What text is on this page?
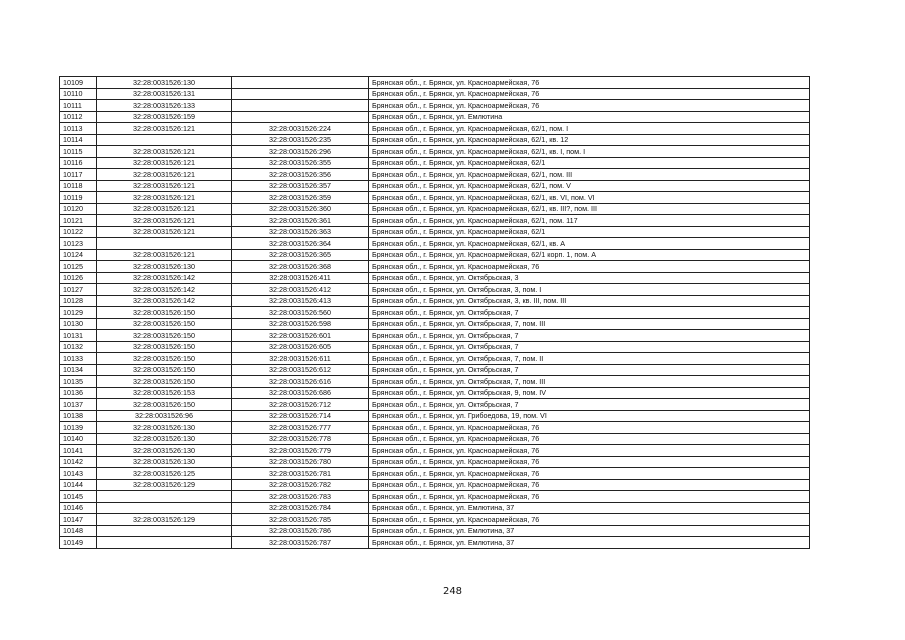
10109	32:28:0031526:130		Брянская обл., г. Брянск, ул. Красноармейская, 76
10110	32:28:0031526:131		Брянская обл., г. Брянск, ул. Красноармейская, 76
10111	32:28:0031526:133		Брянская обл., г. Брянск, ул. Красноармейская, 76
10112	32:28:0031526:159		Брянская обл., г. Брянск, ул. Емлютина
10113	32:28:0031526:121	32:28:0031526:224	Брянская обл., г. Брянск, ул. Красноармейская, 62/1, пом. I
10114		32:28:0031526:235	Брянская обл., г. Брянск, ул. Красноармейская, 62/1, кв. 12
10115	32:28:0031526:121	32:28:0031526:296	Брянская обл., г. Брянск, ул. Красноармейская, 62/1, кв. I, пом. I
10116	32:28:0031526:121	32:28:0031526:355	Брянская обл., г. Брянск, ул. Красноармейская, 62/1
10117	32:28:0031526:121	32:28:0031526:356	Брянская обл., г. Брянск, ул. Красноармейская, 62/1, пом. III
10118	32:28:0031526:121	32:28:0031526:357	Брянская обл., г. Брянск, ул. Красноармейская, 62/1, пом. V
10119	32:28:0031526:121	32:28:0031526:359	Брянская обл., г. Брянск, ул. Красноармейская, 62/1, кв. VI, пом. VI
10120	32:28:0031526:121	32:28:0031526:360	Брянская обл., г. Брянск, ул. Красноармейская, 62/1, кв. III?, пом. III
10121	32:28:0031526:121	32:28:0031526:361	Брянская обл., г. Брянск, ул. Красноармейская, 62/1, пом. 117
10122	32:28:0031526:121	32:28:0031526:363	Брянская обл., г. Брянск, ул. Красноармейская, 62/1
10123		32:28:0031526:364	Брянская обл., г. Брянск, ул. Красноармейская, 62/1, кв. А
10124	32:28:0031526:121	32:28:0031526:365	Брянская обл., г. Брянск, ул. Красноармейская, 62/1 корп. 1, пом. А
10125	32:28:0031526:130	32:28:0031526:368	Брянская обл., г. Брянск, ул. Красноармейская, 76
10126	32:28:0031526:142	32:28:0031526:411	Брянская обл., г. Брянск, ул. Октябрьская, 3
10127	32:28:0031526:142	32:28:0031526:412	Брянская обл., г. Брянск, ул. Октябрьская, 3, пом. I
10128	32:28:0031526:142	32:28:0031526:413	Брянская обл., г. Брянск, ул. Октябрьская, 3, кв. III, пом. III
10129	32:28:0031526:150	32:28:0031526:560	Брянская обл., г. Брянск, ул. Октябрьская, 7
10130	32:28:0031526:150	32:28:0031526:598	Брянская обл., г. Брянск, ул. Октябрьская, 7, пом. III
10131	32:28:0031526:150	32:28:0031526:601	Брянская обл., г. Брянск, ул. Октябрьская, 7
10132	32:28:0031526:150	32:28:0031526:605	Брянская обл., г. Брянск, ул. Октябрьская, 7
10133	32:28:0031526:150	32:28:0031526:611	Брянская обл., г. Брянск, ул. Октябрьская, 7, пом. II
10134	32:28:0031526:150	32:28:0031526:612	Брянская обл., г. Брянск, ул. Октябрьская, 7
10135	32:28:0031526:150	32:28:0031526:616	Брянская обл., г. Брянск, ул. Октябрьская, 7, пом. III
10136	32:28:0031526:153	32:28:0031526:686	Брянская обл., г. Брянск, ул. Октябрьская, 9, пом. IV
10137	32:28:0031526:150	32:28:0031526:712	Брянская обл., г. Брянск, ул. Октябрьская, 7
10138	32:28:0031526:96	32:28:0031526:714	Брянская обл., г. Брянск, ул. Грибоедова, 19, пом. VI
10139	32:28:0031526:130	32:28:0031526:777	Брянская обл., г. Брянск, ул. Красноармейская, 76
10140	32:28:0031526:130	32:28:0031526:778	Брянская обл., г. Брянск, ул. Красноармейская, 76
10141	32:28:0031526:130	32:28:0031526:779	Брянская обл., г. Брянск, ул. Красноармейская, 76
10142	32:28:0031526:130	32:28:0031526:780	Брянская обл., г. Брянск, ул. Красноармейская, 76
10143	32:28:0031526:125	32:28:0031526:781	Брянская обл., г. Брянск, ул. Красноармейская, 76
10144	32:28:0031526:129	32:28:0031526:782	Брянская обл., г. Брянск, ул. Красноармейская, 76
10145		32:28:0031526:783	Брянская обл., г. Брянск, ул. Красноармейская, 76
10146		32:28:0031526:784	Брянская обл., г. Брянск, ул. Емлютина, 37
10147	32:28:0031526:129	32:28:0031526:785	Брянская обл., г. Брянск, ул. Красноармейская, 76
10148		32:28:0031526:786	Брянская обл., г. Брянск, ул. Емлютина, 37
10149		32:28:0031526:787	Брянская обл., г. Брянск, ул. Емлютина, 37
248
